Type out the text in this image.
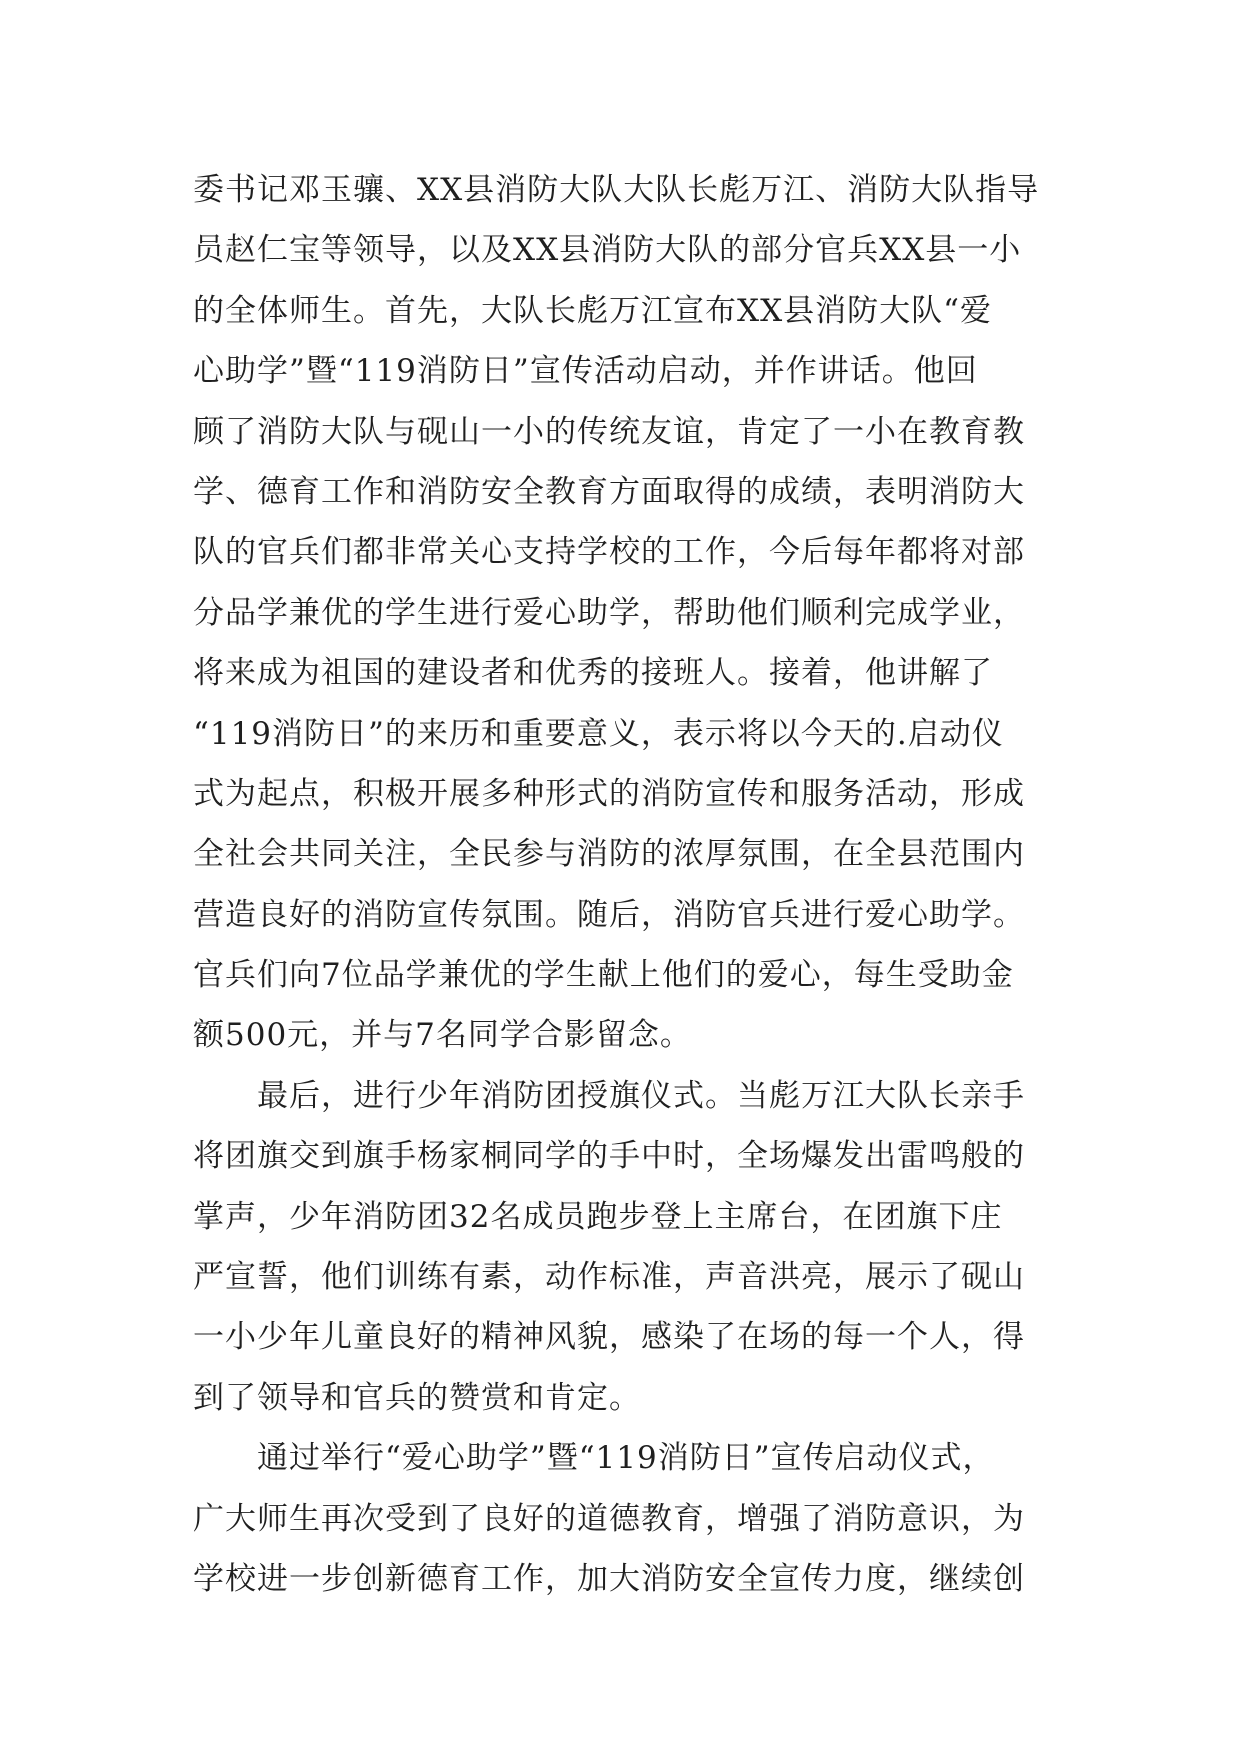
委书记邓玉骧、XX县消防大队大队长彪万江、消防大队指导
员赵仁宝等领导，以及XX县消防大队的部分官兵XX县一小
的全体师生。首先，大队长彪万江宣布XX县消防大队“爱
心助学”暨“119消防日”宣传活动启动，并作讲话。他回
顾了消防大队与砚山一小的传统友谊，肯定了一小在教育教
学、德育工作和消防安全教育方面取得的成绩，表明消防大
队的官兵们都非常关心支持学校的工作，今后每年都将对部
分品学兼优的学生进行爱心助学，帮助他们顺利完成学业，
将来成为祖国的建设者和优秀的接班人。接着，他讲解了
“119消防日”的来历和重要意义，表示将以今天的.启动仪
式为起点，积极开展多种形式的消防宣传和服务活动，形成
全社会共同关注，全民参与消防的浓厚氛围，在全县范围内
营造良好的消防宣传氛围。随后，消防官兵进行爱心助学。
官兵们向7位品学兼优的学生献上他们的爱心，每生受助金
额500元，并与7名同学合影留念。
　　最后，进行少年消防团授旗仪式。当彪万江大队长亲手
将团旗交到旗手杨家桐同学的手中时，全场爆发出雷鸣般的
掌声，少年消防团32名成员跑步登上主席台，在团旗下庄
严宣誓，他们训练有素，动作标准，声音洪亮，展示了砚山
一小少年儿童良好的精神风貌，感染了在场的每一个人，得
到了领导和官兵的赞赏和肯定。
　　通过举行“爱心助学”暨“119消防日”宣传启动仪式，
广大师生再次受到了良好的道德教育，增强了消防意识，为
学校进一步创新德育工作，加大消防安全宣传力度，继续创
